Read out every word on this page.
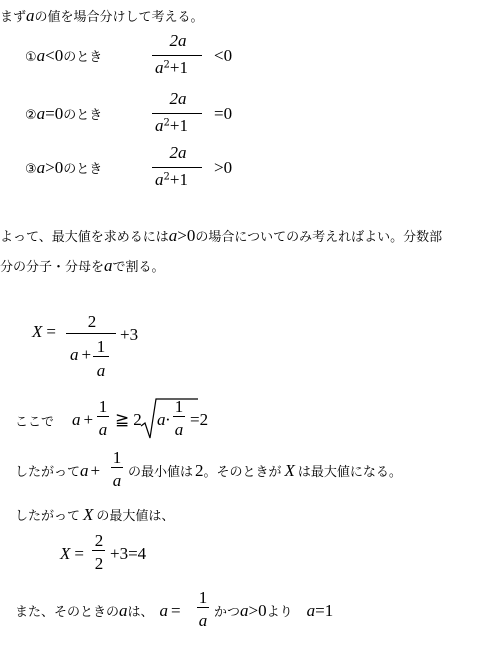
まずaの値を場合分けして考える。
①a<0のとき
2a
$a^2+1$
<0
②a=0のとき
2a
$a^2+1$
=0
③a>0のとき
2a
$a^2+1$
>0
よって、最大値を求めるにはa>0の場合についてのみ考えればよい。分数部
分の分子・分母をaで割る。
X =
2
a + 1
a
+3
ここで a +
1
a
≧ 2 a·
1
a
=2
したがってa +
1
a の最小値は 2。そのときが X は最大値になる。
したがって X の最大値は、
X =
2
2
+3=4
また、そのときのaは、 a =
1
a かつa>0より a=1
